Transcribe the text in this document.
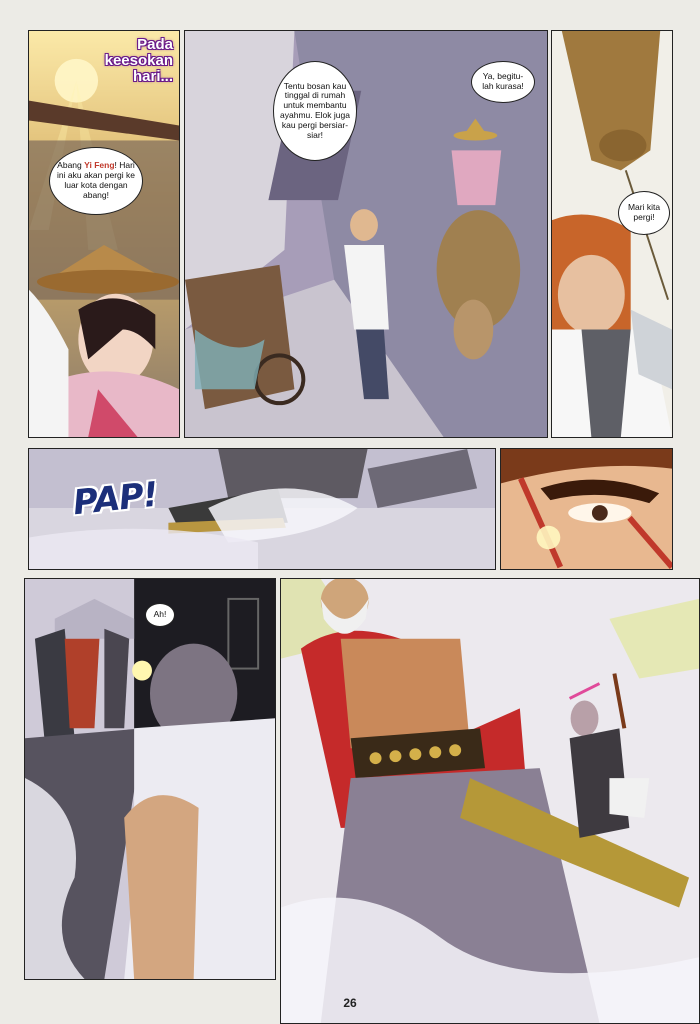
Pada
keesokan
hari...
Abang Yi Feng! Hari ini aku akan pergi ke luar kota dengan abang!
Tentu bosan kau tinggal di rumah untuk membantu ayahmu. Elok juga kau pergi bersiar-siar!
Ya, begitu-lah kurasa!
Mari kita pergi!
PAP!
Ah!
26
